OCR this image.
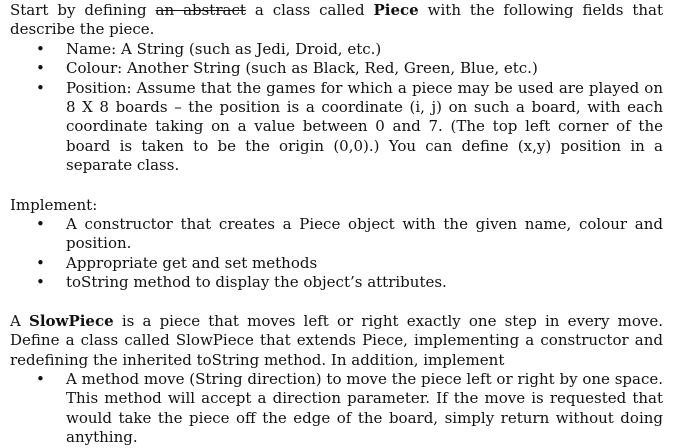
Start by defining an abstract a class called Piece with the following fields that describe the piece.

• Name: A String (such as Jedi, Droid, etc.)
• Colour: Another String (such as Black, Red, Green, Blue, etc.)
• Position: Assume that the games for which a piece may be used are played on 8 X 8 boards – the position is a coordinate (i, j) on such a board, with each coordinate taking on a value between 0 and 7. (The top left corner of the board is taken to be the origin (0,0).) You can define (x,y) position in a separate class.

Implement:

• A constructor that creates a Piece object with the given name, colour and position.
• Appropriate get and set methods
• toString method to display the object’s attributes.

A SlowPiece is a piece that moves left or right exactly one step in every move. Define a class called SlowPiece that extends Piece, implementing a constructor and redefining the inherited toString method. In addition, implement

• A method move (String direction) to move the piece left or right by one space. This method will accept a direction parameter. If the move is requested that would take the piece off the edge of the board, simply return without doing anything.
